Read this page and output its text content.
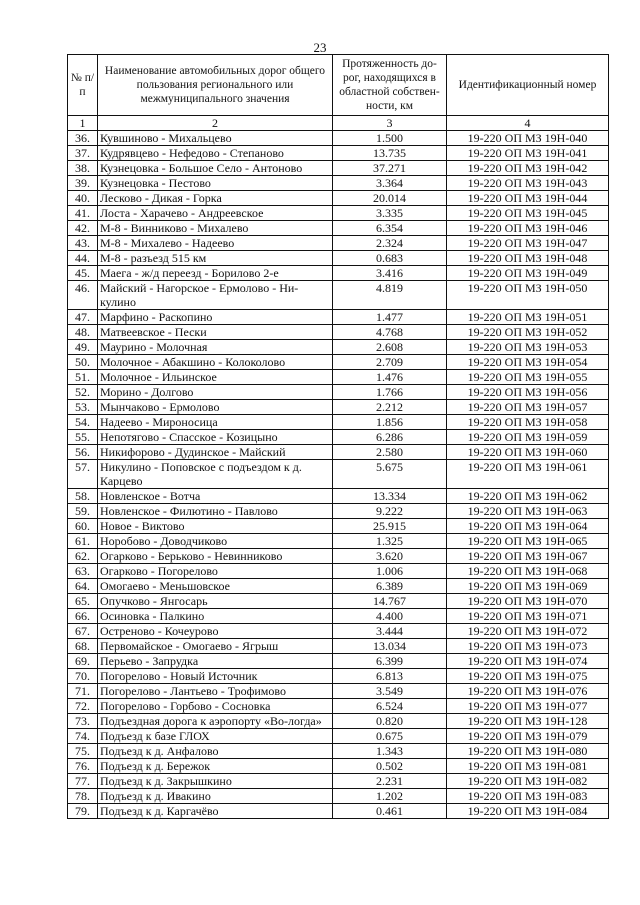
23
№ п/п	Наименование автомобильных дорог общего пользования регионального или межмуниципального значения	Протяженность до-рог, находящихся в областной собствен-ности, км	Идентификационный номер
1	2	3	4
36.	Кувшиново - Михальцево	1.500	19-220 ОП МЗ 19Н-040
37.	Кудрявцево - Нефедово - Степаново	13.735	19-220 ОП МЗ 19Н-041
38.	Кузнецовка - Большое Село - Антоново	37.271	19-220 ОП МЗ 19Н-042
39.	Кузнецовка - Пестово	3.364	19-220 ОП МЗ 19Н-043
40.	Лесково - Дикая - Горка	20.014	19-220 ОП МЗ 19Н-044
41.	Лоста - Харачево - Андреевское	3.335	19-220 ОП МЗ 19Н-045
42.	М-8 - Винниково - Михалево	6.354	19-220 ОП МЗ 19Н-046
43.	М-8 - Михалево - Надеево	2.324	19-220 ОП МЗ 19Н-047
44.	М-8 - разъезд 515 км	0.683	19-220 ОП МЗ 19Н-048
45.	Маега - ж/д переезд - Борилово 2-е	3.416	19-220 ОП МЗ 19Н-049
46.	Майский - Нагорское - Ермолово - Ни-кулино	4.819	19-220 ОП МЗ 19Н-050
47.	Марфино - Раскопино	1.477	19-220 ОП МЗ 19Н-051
48.	Матвеевское - Пески	4.768	19-220 ОП МЗ 19Н-052
49.	Маурино - Молочная	2.608	19-220 ОП МЗ 19Н-053
50.	Молочное - Абакшино - Колоколово	2.709	19-220 ОП МЗ 19Н-054
51.	Молочное - Ильинское	1.476	19-220 ОП МЗ 19Н-055
52.	Морино - Долгово	1.766	19-220 ОП МЗ 19Н-056
53.	Мынчаково - Ермолово	2.212	19-220 ОП МЗ 19Н-057
54.	Надеево - Мироносица	1.856	19-220 ОП МЗ 19Н-058
55.	Непотягово - Спасское - Козицыно	6.286	19-220 ОП МЗ 19Н-059
56.	Никифорово - Дудинское - Майский	2.580	19-220 ОП МЗ 19Н-060
57.	Никулино - Поповское с подъездом к д. Карцево	5.675	19-220 ОП МЗ 19Н-061
58.	Новленское - Вотча	13.334	19-220 ОП МЗ 19Н-062
59.	Новленское - Филютино - Павлово	9.222	19-220 ОП МЗ 19Н-063
60.	Новое - Виктово	25.915	19-220 ОП МЗ 19Н-064
61.	Норобово - Доводчиково	1.325	19-220 ОП МЗ 19Н-065
62.	Огарково - Берьково - Невинниково	3.620	19-220 ОП МЗ 19Н-067
63.	Огарково - Погорелово	1.006	19-220 ОП МЗ 19Н-068
64.	Омогаево - Меньшовское	6.389	19-220 ОП МЗ 19Н-069
65.	Опучково - Янгосарь	14.767	19-220 ОП МЗ 19Н-070
66.	Осиновка - Палкино	4.400	19-220 ОП МЗ 19Н-071
67.	Остреново - Кочеурово	3.444	19-220 ОП МЗ 19Н-072
68.	Первомайское - Омогаево - Ягрыш	13.034	19-220 ОП МЗ 19Н-073
69.	Перьево - Запрудка	6.399	19-220 ОП МЗ 19Н-074
70.	Погорелово - Новый Источник	6.813	19-220 ОП МЗ 19Н-075
71.	Погорелово - Лантьево - Трофимово	3.549	19-220 ОП МЗ 19Н-076
72.	Погорелово - Горбово - Сосновка	6.524	19-220 ОП МЗ 19Н-077
73.	Подъездная дорога к аэропорту «Во-логда»	0.820	19-220 ОП МЗ 19Н-128
74.	Подъезд к базе ГЛОХ	0.675	19-220 ОП МЗ 19Н-079
75.	Подъезд к д. Анфалово	1.343	19-220 ОП МЗ 19Н-080
76.	Подъезд к д. Бережок	0.502	19-220 ОП МЗ 19Н-081
77.	Подъезд к д. Закрышкино	2.231	19-220 ОП МЗ 19Н-082
78.	Подъезд к д. Ивакино	1.202	19-220 ОП МЗ 19Н-083
79.	Подъезд к д. Каргачёво	0.461	19-220 ОП МЗ 19Н-084
